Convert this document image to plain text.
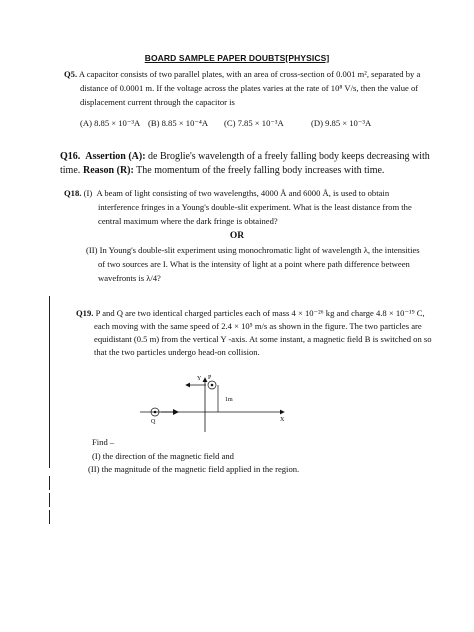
BOARD SAMPLE PAPER DOUBTS[PHYSICS]
Q5. A capacitor consists of two parallel plates, with an area of cross-section of 0.001 m², separated by a
distance of 0.0001 m. If the voltage across the plates varies at the rate of 10⁸ V/s, then the value of
displacement current through the capacitor is
(A) 8.85 × 10⁻³A (B) 8.85 × 10⁻⁴A (C) 7.85 × 10⁻³A	(D) 9.85 × 10⁻³A
Q16. Assertion (A): de Broglie's wavelength of a freely falling body keeps decreasing with time. Reason (R): The momentum of the freely falling body increases with time.
Q18. (I) A beam of light consisting of two wavelengths, 4000 Å and 6000 Å, is used to obtain
interference fringes in a Young's double-slit experiment. What is the least distance from the
central maximum where the dark fringe is obtained?
OR
(II) In Young's double-slit experiment using monochromatic light of wavelength λ, the intensities
of two sources are I. What is the intensity of light at a point where path difference between
wavefronts is λ/4?
Q19. P and Q are two identical charged particles each of mass 4 × 10⁻²⁶ kg and charge 4.8 × 10⁻¹⁹ C,
each moving with the same speed of 2.4 × 10⁵ m/s as shown in the figure. The two particles are
equidistant (0.5 m) from the vertical Y -axis. At some instant, a magnetic field B is switched on so
that the two particles undergo head-on collision.
Y
X
P
1m
Q
Find –
(I) the direction of the magnetic field and
(II) the magnitude of the magnetic field applied in the region.
